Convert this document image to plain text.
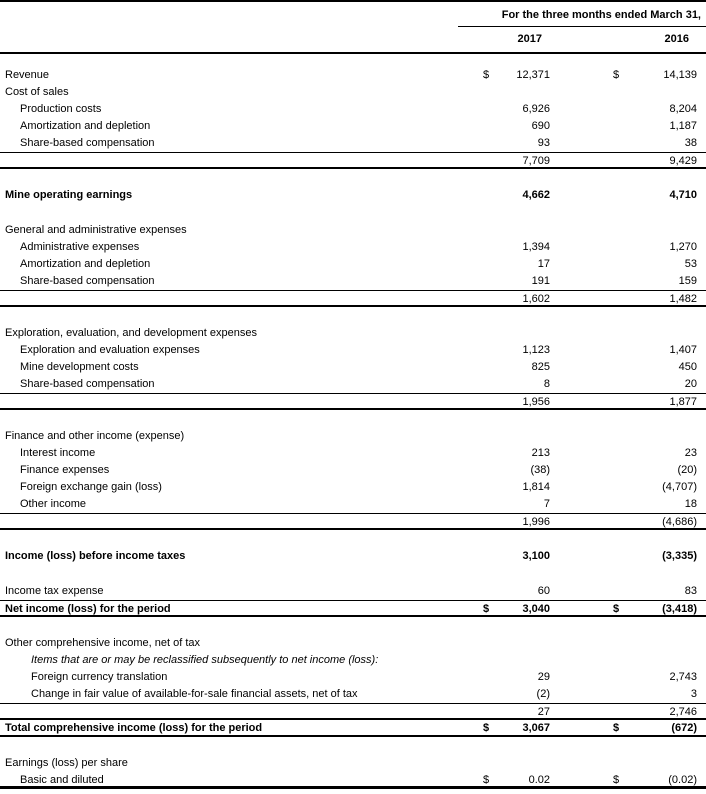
For the three months ended March 31,
2017	2016
Revenue	$	12,371	$	14,139
Cost of sales
Production costs	6,926	8,204
Amortization and depletion	690	1,187
Share-based compensation	93	38
7,709	9,429
Mine operating earnings	4,662	4,710
General and administrative expenses
Administrative expenses	1,394	1,270
Amortization and depletion	17	53
Share-based compensation	191	159
1,602	1,482
Exploration, evaluation, and development expenses
Exploration and evaluation expenses	1,123	1,407
Mine development costs	825	450
Share-based compensation	8	20
1,956	1,877
Finance and other income (expense)
Interest income	213	23
Finance expenses	(38)	(20)
Foreign exchange gain (loss)	1,814	(4,707)
Other income	7	18
1,996	(4,686)
Income (loss) before income taxes	3,100	(3,335)
Income tax expense	60	83
Net income (loss) for the period	$	3,040	$	(3,418)
Other comprehensive income, net of tax
Items that are or may be reclassified subsequently to net income (loss):
Foreign currency translation	29	2,743
Change in fair value of available-for-sale financial assets, net of tax	(2)	3
27	2,746
Total comprehensive income (loss) for the period	$	3,067	$	(672)
Earnings (loss) per share
Basic and diluted	$	0.02	$	(0.02)
